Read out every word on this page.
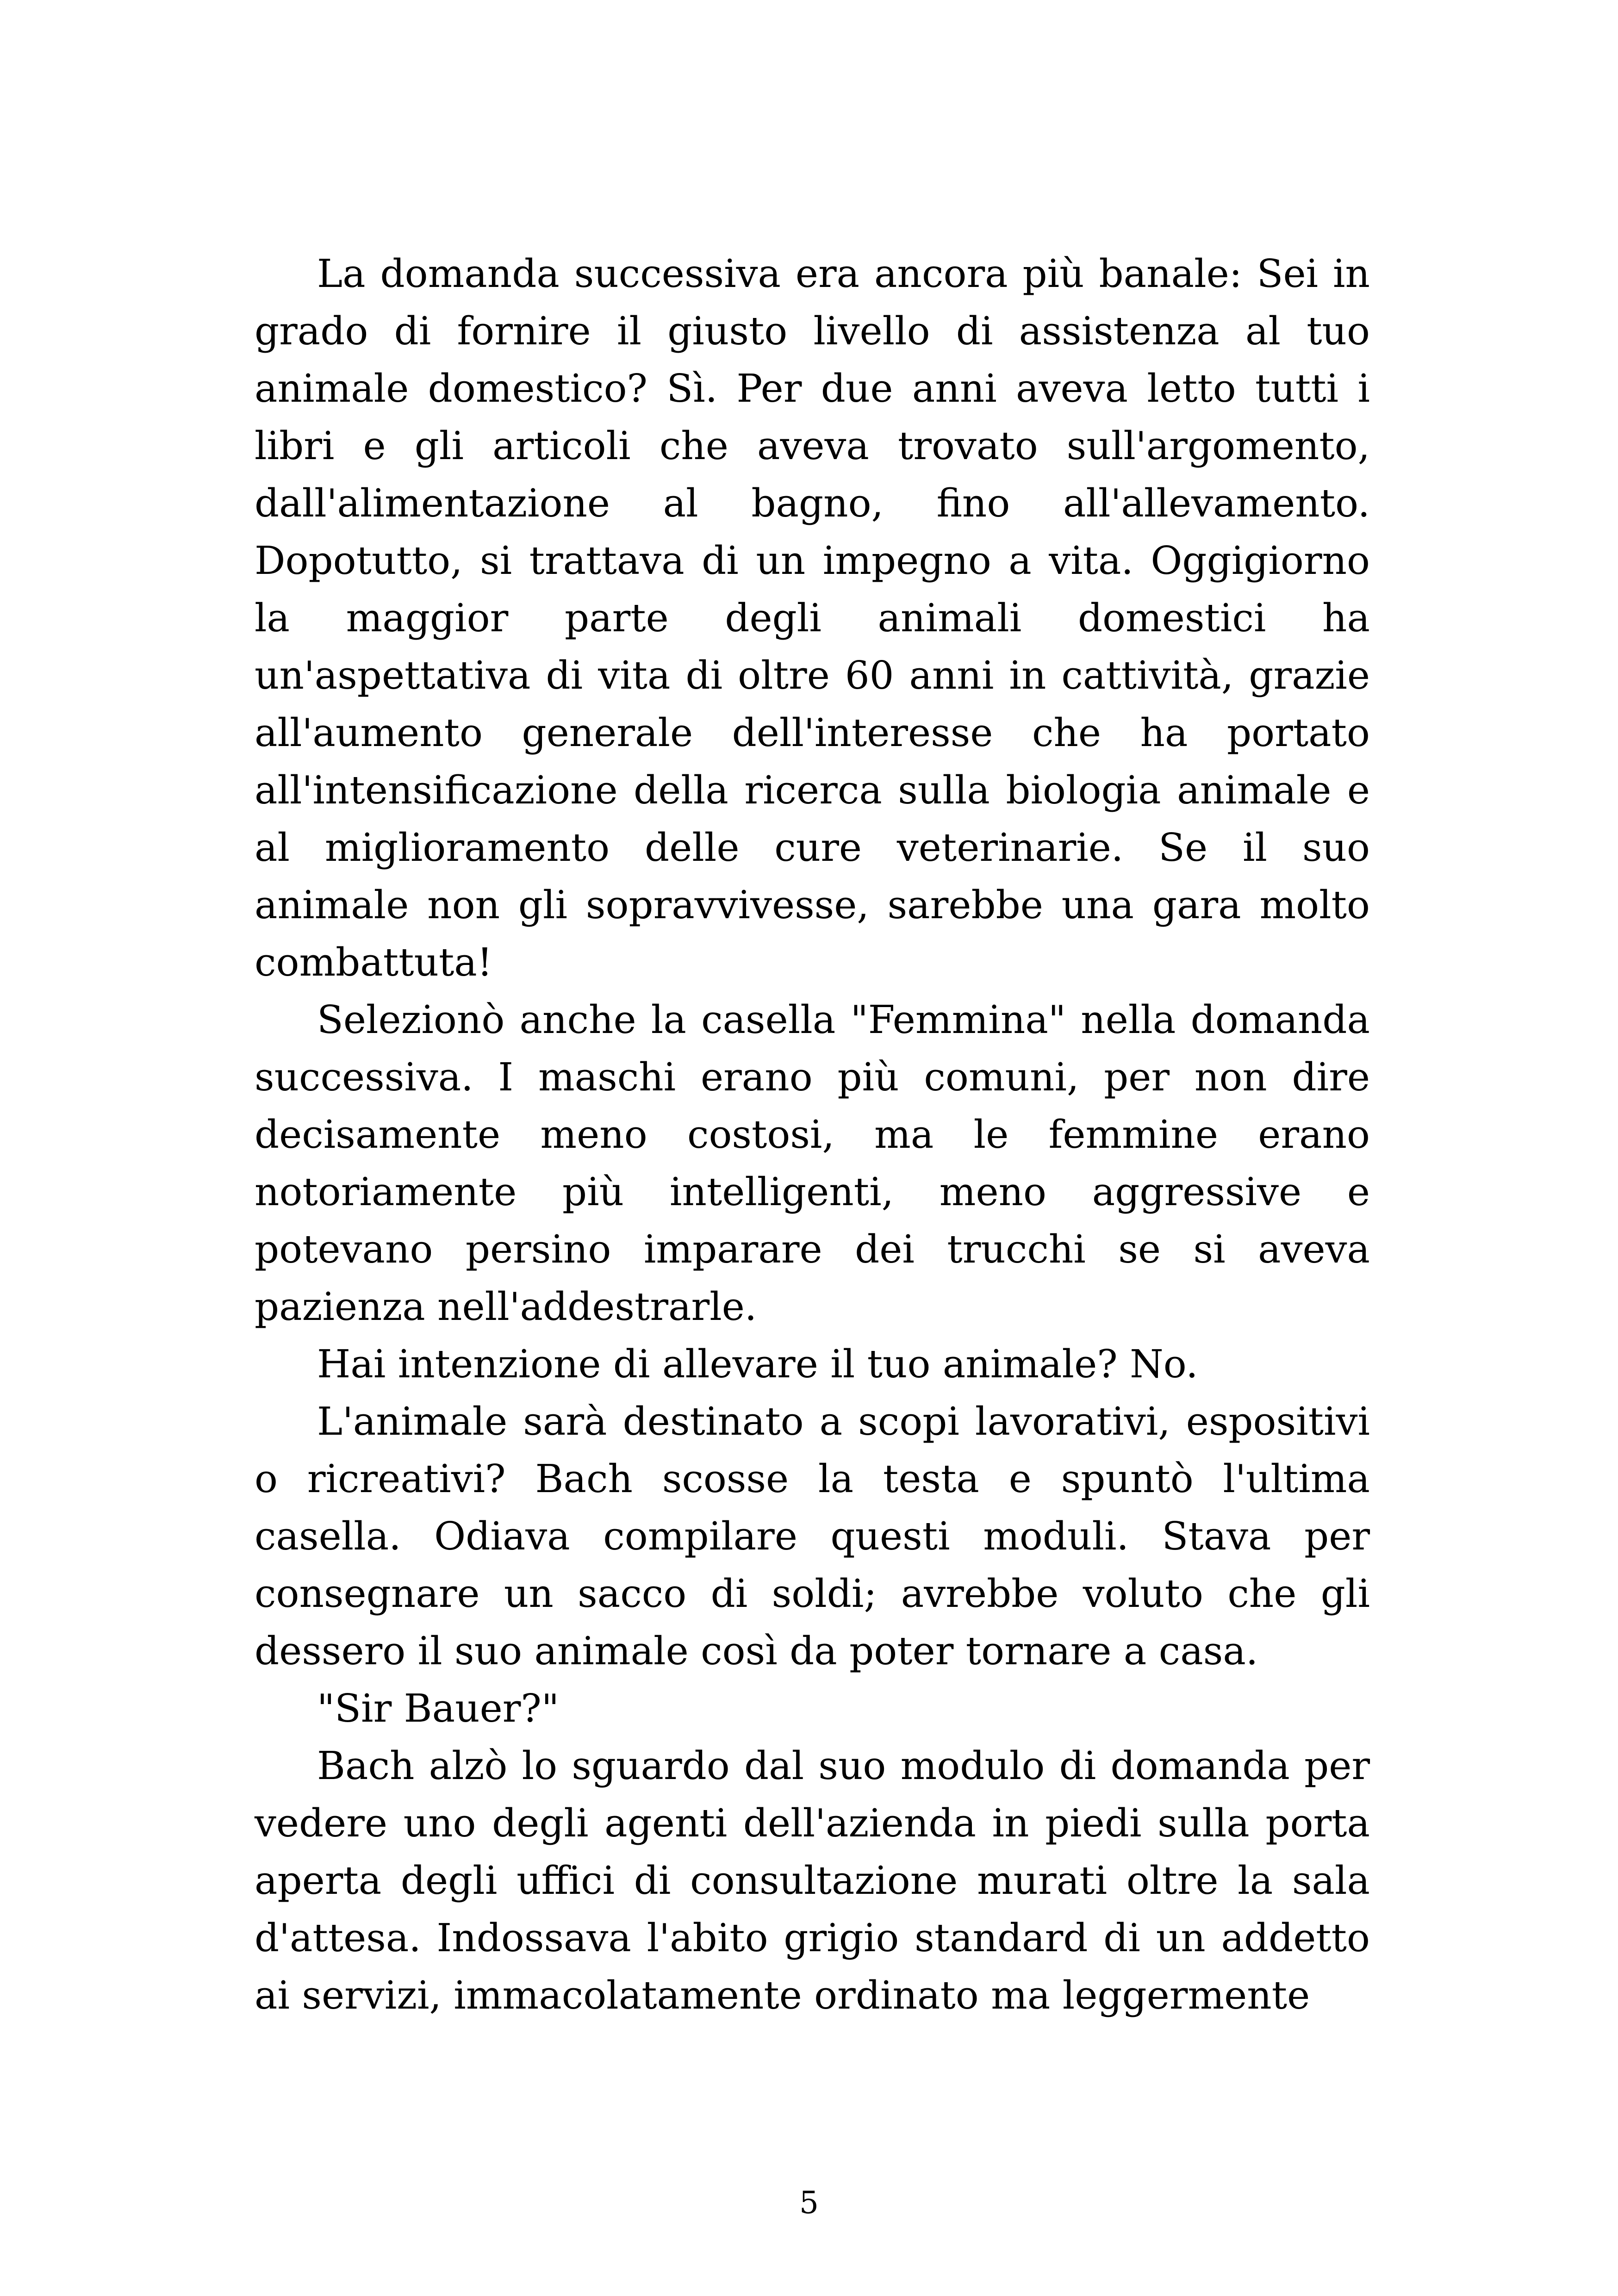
La domanda successiva era ancora più banale: Sei in grado di fornire il giusto livello di assistenza al tuo animale domestico? Sì. Per due anni aveva letto tutti i libri e gli articoli che aveva trovato sull'argomento, dall'alimentazione al bagno, fino all'allevamento. Dopotutto, si trattava di un impegno a vita. Oggigiorno la maggior parte degli animali domestici ha un'aspettativa di vita di oltre 60 anni in cattività, grazie all'aumento generale dell'interesse che ha portato all'intensificazione della ricerca sulla biologia animale e al miglioramento delle cure veterinarie. Se il suo animale non gli sopravvivesse, sarebbe una gara molto combattuta!

Selezionò anche la casella "Femmina" nella domanda successiva. I maschi erano più comuni, per non dire decisamente meno costosi, ma le femmine erano notoriamente più intelligenti, meno aggressive e potevano persino imparare dei trucchi se si aveva pazienza nell'addestrarle.

Hai intenzione di allevare il tuo animale? No.

L'animale sarà destinato a scopi lavorativi, espositivi o ricreativi? Bach scosse la testa e spuntò l'ultima casella. Odiava compilare questi moduli. Stava per consegnare un sacco di soldi; avrebbe voluto che gli dessero il suo animale così da poter tornare a casa.

"Sir Bauer?"

Bach alzò lo sguardo dal suo modulo di domanda per vedere uno degli agenti dell'azienda in piedi sulla porta aperta degli uffici di consultazione murati oltre la sala d'attesa. Indossava l'abito grigio standard di un addetto ai servizi, immacolatamente ordinato ma leggermente

5
